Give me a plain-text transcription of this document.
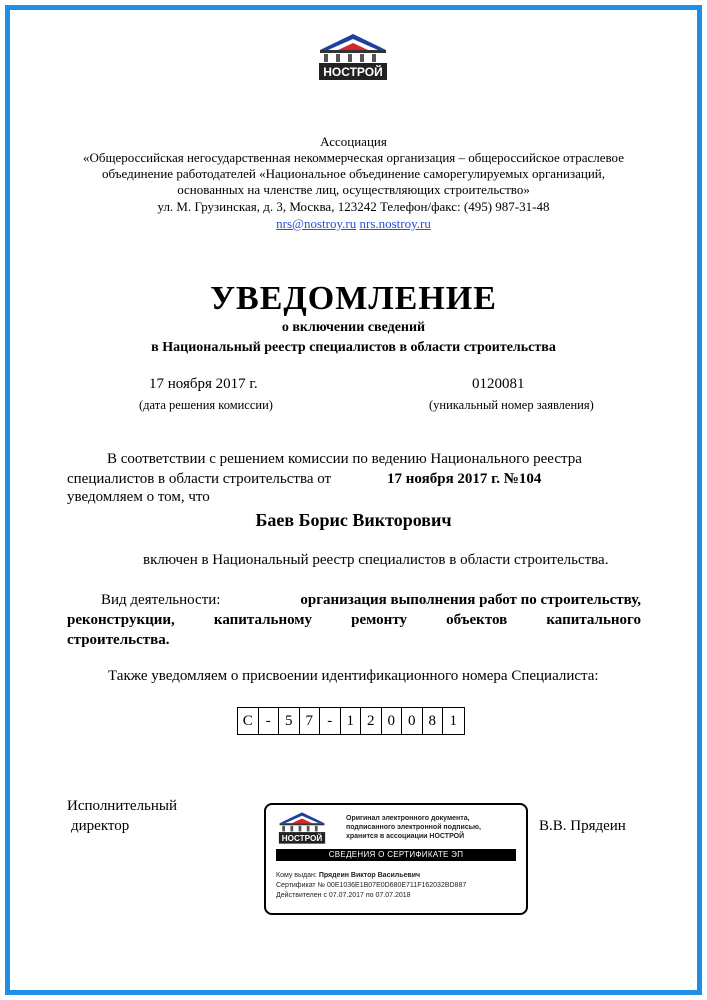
НОСТРОЙ
Ассоциация
«Общероссийская негосударственная некоммерческая организация – общероссийское отраслевое
объединение работодателей «Национальное объединение саморегулируемых организаций,
основанных на членстве лиц, осуществляющих строительство»
ул. М. Грузинская, д. 3, Москва, 123242 Телефон/факс: (495) 987-31-48
nrs@nostroy.ru nrs.nostroy.ru
УВЕДОМЛЕНИЕ
о включении сведений
в Национальный реестр специалистов в области строительства
17 ноября 2017 г.
(дата решения комиссии)
0120081
(уникальный номер заявления)
В соответствии с решением комиссии по ведению Национального реестра
специалистов в области строительства от	17 ноября 2017 г. №104
уведомляем о том, что
Баев Борис Викторович
включен в Национальный реестр специалистов в области строительства.
Вид деятельности:	организация выполнения работ по строительству,
реконструкции,	капитальному	ремонту	объектов	капитального
строительства.
Также уведомляем о присвоении идентификационного номера Специалиста:
С - 5 7 - 1 2 0 0 8 1
Исполнительный
директор	В.В. Прядеин
НОСТРОЙ
Оригинал электронного документа,
подписанного электронной подписью,
хранится в ассоциации НОСТРОЙ
СВЕДЕНИЯ О СЕРТИФИКАТЕ ЭП
Кому выдан: Прядеин Виктор Васильевич
Сертификат № 00E1036E1B07E0D680E711F162032BD887
Действителен с 07.07.2017 по 07.07.2018
